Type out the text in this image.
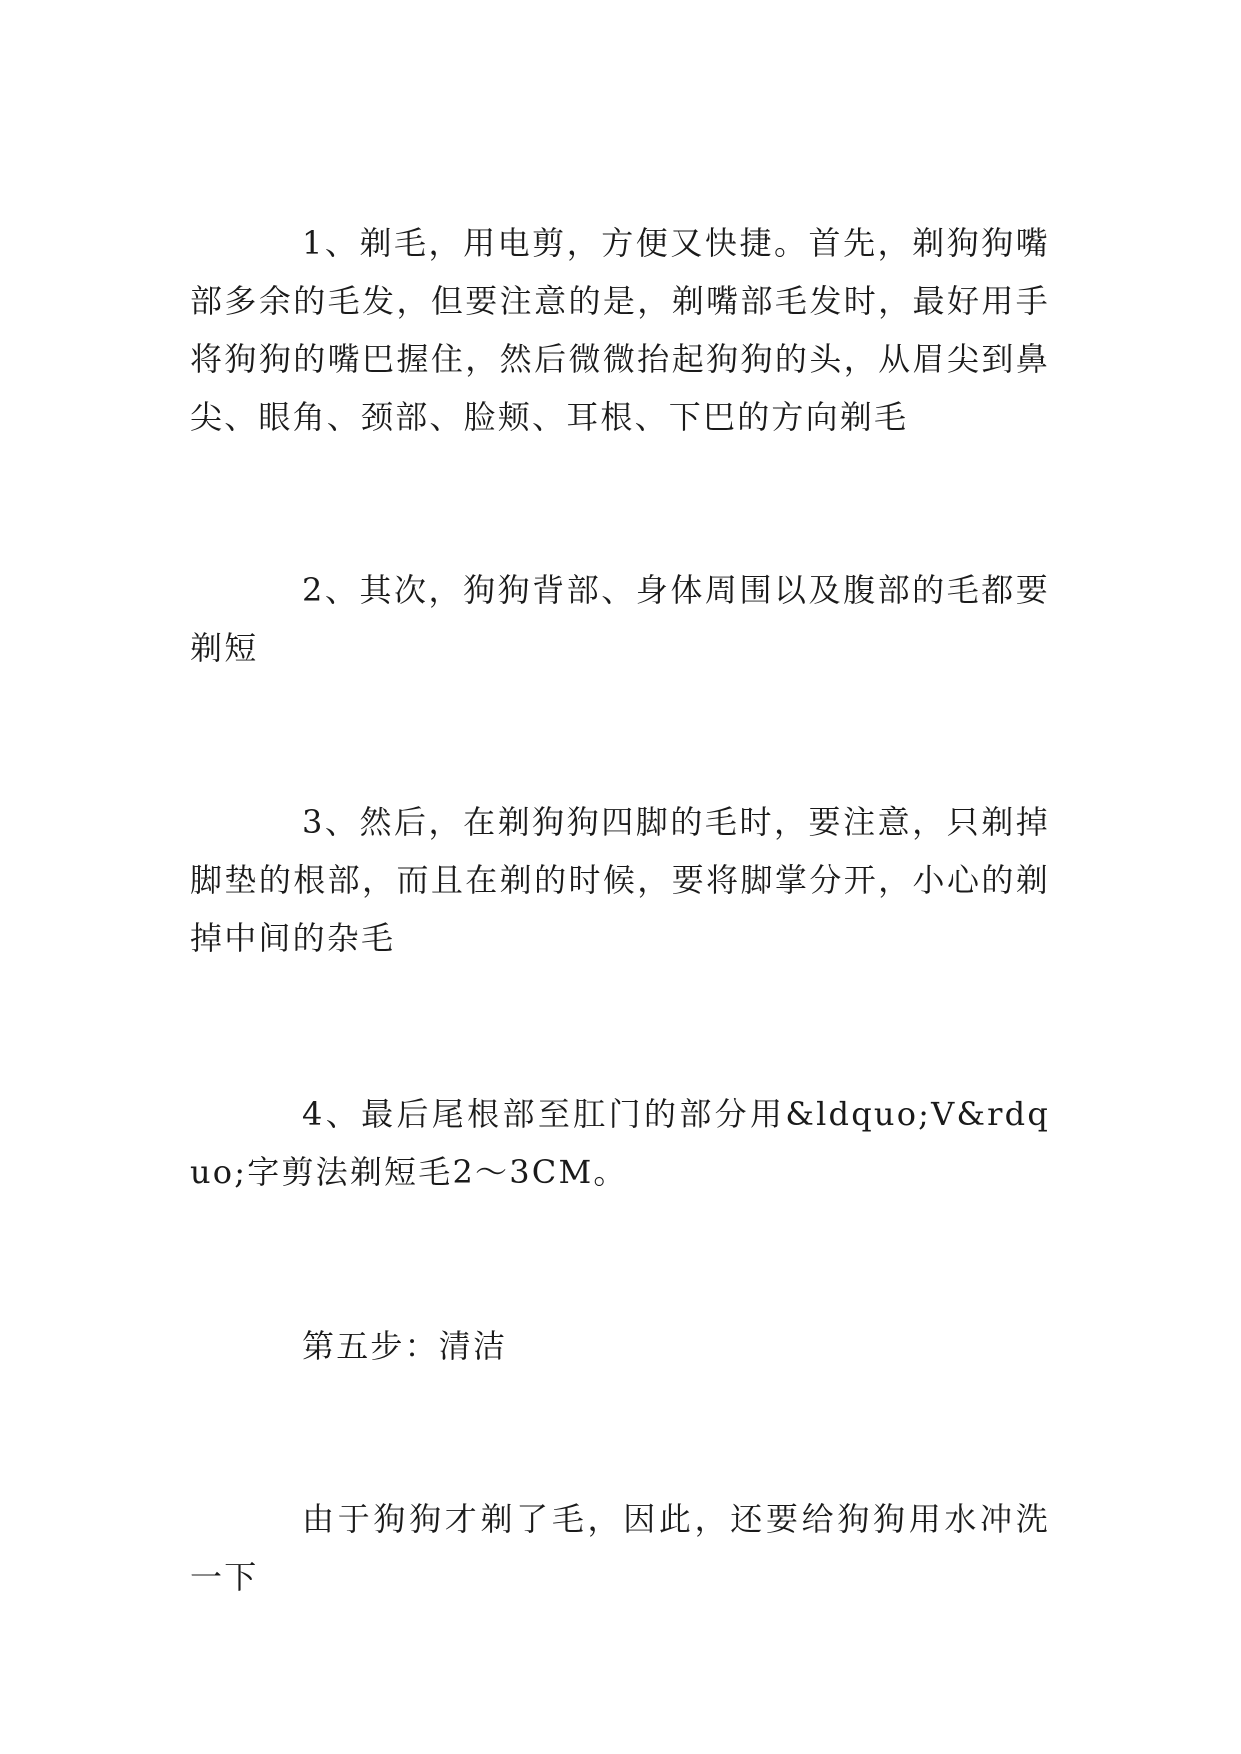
1、剃毛，用电剪，方便又快捷。首先，剃狗狗嘴部多余的毛发，但要注意的是，剃嘴部毛发时，最好用手将狗狗的嘴巴握住，然后微微抬起狗狗的头，从眉尖到鼻尖、眼角、颈部、脸颊、耳根、下巴的方向剃毛

2、其次，狗狗背部、身体周围以及腹部的毛都要剃短

3、然后，在剃狗狗四脚的毛时，要注意，只剃掉脚垫的根部，而且在剃的时候，要将脚掌分开，小心的剃掉中间的杂毛

4、最后尾根部至肛门的部分用&ldquo;V&rdquo;字剪法剃短毛2～3CM。

第五步：清洁

由于狗狗才剃了毛，因此，还要给狗狗用水冲洗一下
